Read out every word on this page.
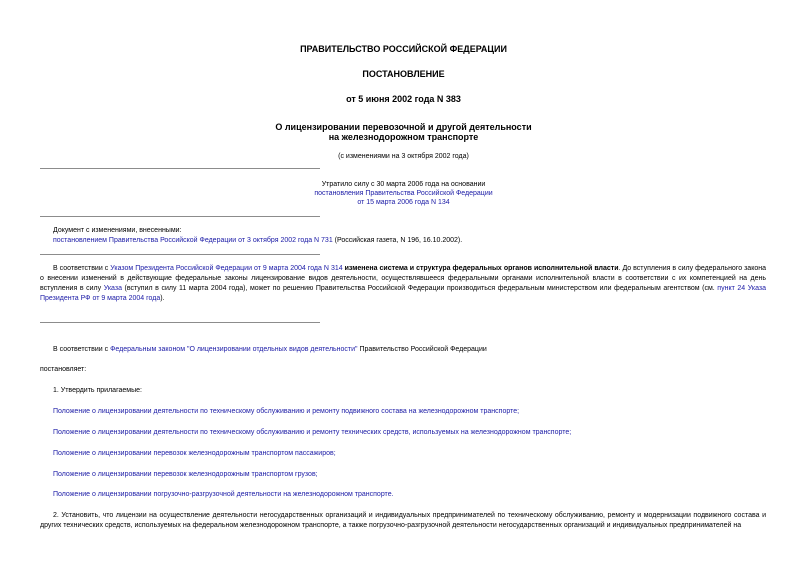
ПРАВИТЕЛЬСТВО РОССИЙСКОЙ ФЕДЕРАЦИИ
ПОСТАНОВЛЕНИЕ
от 5 июня 2002 года N 383
О лицензировании перевозочной и другой деятельности
на железнодорожном транспорте
(с изменениями на 3 октября 2002 года)
Утратило силу с 30 марта 2006 года на основании
постановления Правительства Российской Федерации
от 15 марта 2006 года N 134
Документ с изменениями, внесенными:
постановлением Правительства Российской Федерации от 3 октября 2002 года N 731 (Российская газета, N 196, 16.10.2002).
В соответствии с Указом Президента Российской Федерации от 9 марта 2004 года N 314 изменена система и структура федеральных органов исполнительной власти. До вступления в силу федерального закона о внесении изменений в действующие федеральные законы лицензирование видов деятельности, осуществлявшееся федеральными органами исполнительной власти в соответствии с их компетенцией на день вступления в силу Указа (вступил в силу 11 марта 2004 года), может по решению Правительства Российской Федерации производиться федеральным министерством или федеральным агентством (см. пункт 24 Указа Президента РФ от 9 марта 2004 года).
В соответствии с Федеральным законом "О лицензировании отдельных видов деятельности" Правительство Российской Федерации
постановляет:
1. Утвердить прилагаемые:
Положение о лицензировании деятельности по техническому обслуживанию и ремонту подвижного состава на железнодорожном транспорте;
Положение о лицензировании деятельности по техническому обслуживанию и ремонту технических средств, используемых на железнодорожном транспорте;
Положение о лицензировании перевозок железнодорожным транспортом пассажиров;
Положение о лицензировании перевозок железнодорожным транспортом грузов;
Положение о лицензировании погрузочно-разгрузочной деятельности на железнодорожном транспорте.
2. Установить, что лицензии на осуществление деятельности негосударственных организаций и индивидуальных предпринимателей по техническому обслуживанию, ремонту и модернизации подвижного состава и других технических средств, используемых на федеральном железнодорожном транспорте, а также погрузочно-разгрузочной деятельности негосударственных организаций и индивидуальных предпринимателей на
